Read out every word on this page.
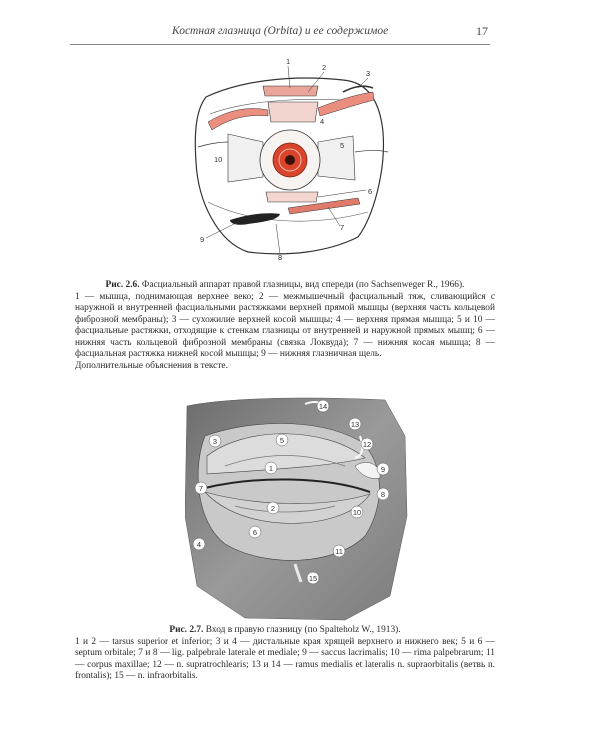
Костная глазница (Orbita) и ее содержимое	17
1
2
3
4
5
6
7
8
9
10

Рис. 2.6. Фасциальный аппарат правой глазницы, вид спереди (по Sachsenweger R., 1966).

1 — мышца, поднимающая верхнее веко; 2 — межмышечный фасциальный тяж, сливающийся с наружной и внутренней фасциальными растяжками верхней прямой мышцы (верхняя часть кольцевой фиброзной мембраны); 3 — сухожилие верхней косой мышцы; 4 — верхняя прямая мышца; 5 и 10 — фасциальные растяжки, отходящие к стенкам глазницы от внутренней и наружной прямых мышц; 6 — нижняя часть кольцевой фиброзной мембраны (связка Локвуда); 7 — нижняя косая мышца; 8 — фасциальная растяжка нижней косой мышцы; 9 — нижняя глазничная щель.

Дополнительные объяснения в тексте.

1
2
3
4
5
6
7
8
9
10
11
12
13
14
15

Рис. 2.7. Вход в правую глазницу (по Spalteholz W., 1913).

1 и 2 — tarsus superior et inferior; 3 и 4 — дистальные края хрящей верхнего и нижнего век; 5 и 6 — septum orbitale; 7 и 8 — lig. palpebrale laterale et mediale; 9 — saccus lacrimalis; 10 — rima palpebrarum; 11 — corpus maxillae; 12 — n. supratrochlearis; 13 и 14 — ramus medialis et lateralis n. supraorbitalis (ветвь n. frontalis); 15 — n. infraorbitalis.
